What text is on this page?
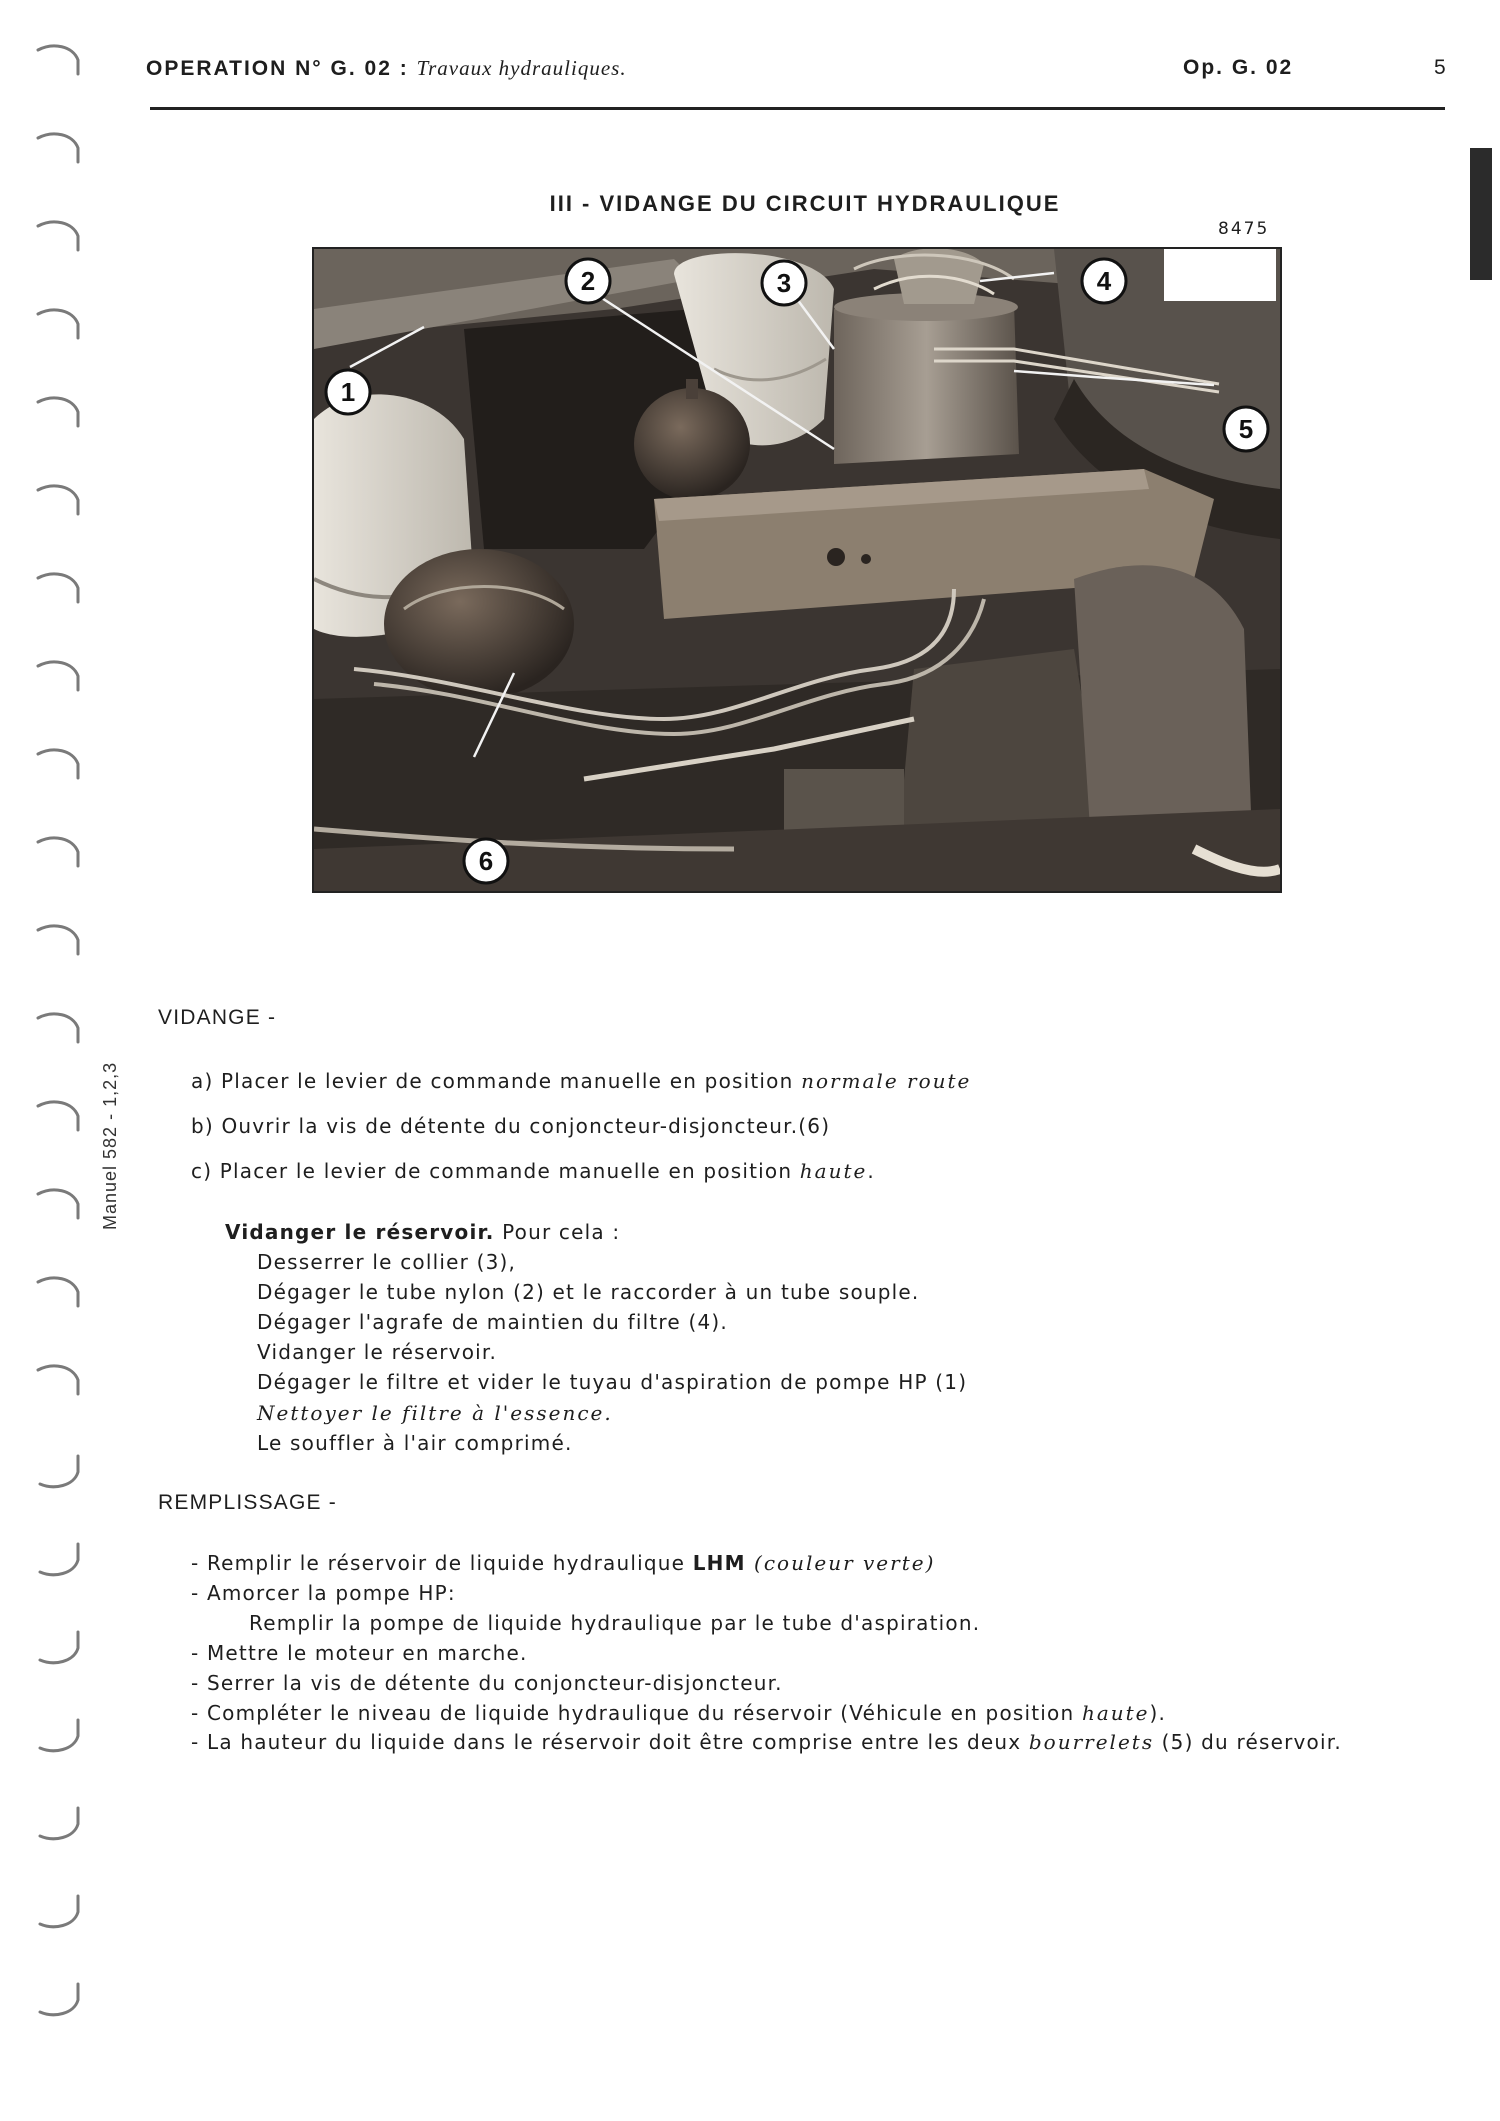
Manuel 582 - 1,2,3
OPERATION N° G. 02 : Travaux hydrauliques.	Op. G. 02	5
III - VIDANGE DU CIRCUIT HYDRAULIQUE
8475
1
2	3	4
5
6
VIDANGE -
a) Placer le levier de commande manuelle en position normale route
b) Ouvrir la vis de détente du conjoncteur-disjoncteur.(6)
c) Placer le levier de commande manuelle en position haute.
Vidanger le réservoir. Pour cela :
Desserrer le collier (3),
Dégager le tube nylon (2) et le raccorder à un tube souple.
Dégager l'agrafe de maintien du filtre (4).
Vidanger le réservoir.
Dégager le filtre et vider le tuyau d'aspiration de pompe HP (1)
Nettoyer le filtre à l'essence.
Le souffler à l'air comprimé.
REMPLISSAGE -
- Remplir le réservoir de liquide hydraulique LHM (couleur verte)
- Amorcer la pompe HP:
Remplir la pompe de liquide hydraulique par le tube d'aspiration.
- Mettre le moteur en marche.
- Serrer la vis de détente du conjoncteur-disjoncteur.
- Compléter le niveau de liquide hydraulique du réservoir (Véhicule en position haute).
- La hauteur du liquide dans le réservoir doit être comprise entre les deux bourrelets (5) du réservoir.
